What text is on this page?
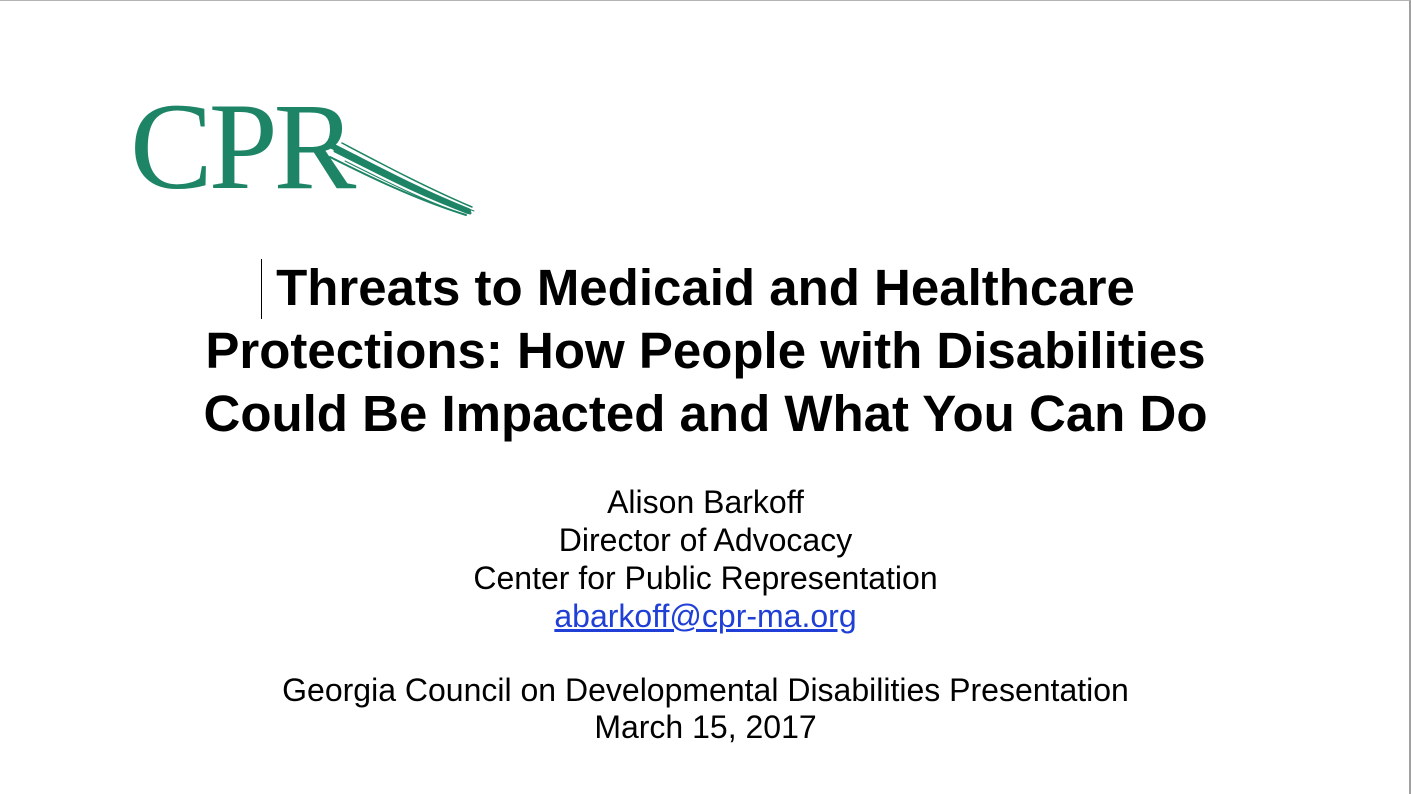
CPR
Threats to Medicaid and Healthcare
Protections: How People with Disabilities
Could Be Impacted and What You Can Do
Alison Barkoff
Director of Advocacy
Center for Public Representation
abarkoff@cpr-ma.org
Georgia Council on Developmental Disabilities Presentation
March 15, 2017
